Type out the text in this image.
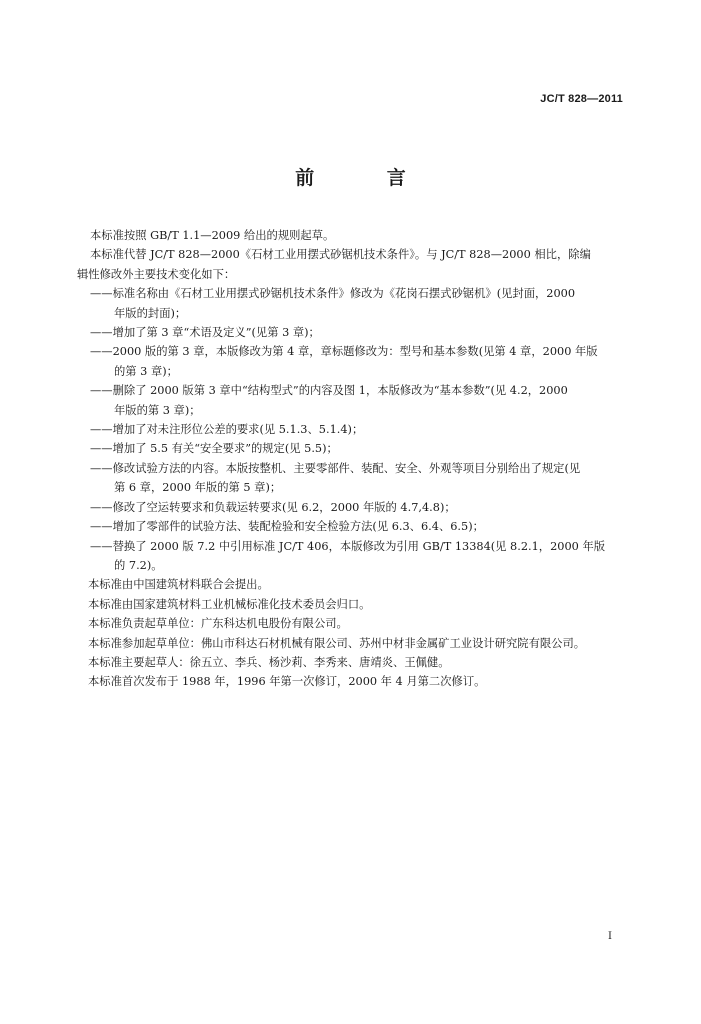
JC/T 828—2011
前 言

本标准按照 GB/T 1.1—2009 给出的规则起草。

本标准代替 JC/T 828—2000《石材工业用摆式砂锯机技术条件》。与 JC/T 828—2000 相比，除编

辑性修改外主要技术变化如下：

——标准名称由《石材工业用摆式砂锯机技术条件》修改为《花岗石摆式砂锯机》(见封面，2000
年版的封面)；
——增加了第 3 章“术语及定义”(见第 3 章)；
——2000 版的第 3 章，本版修改为第 4 章，章标题修改为：型号和基本参数(见第 4 章，2000 年版
的第 3 章)；
——删除了 2000 版第 3 章中“结构型式”的内容及图 1，本版修改为“基本参数”(见 4.2，2000
年版的第 3 章)；
——增加了对未注形位公差的要求(见 5.1.3、5.1.4)；
——增加了 5.5 有关“安全要求”的规定(见 5.5)；
——修改试验方法的内容。本版按整机、主要零部件、装配、安全、外观等项目分别给出了规定(见
第 6 章，2000 年版的第 5 章)；
——修改了空运转要求和负载运转要求(见 6.2，2000 年版的 4.7,4.8)；
——增加了零部件的试验方法、装配检验和安全检验方法(见 6.3、6.4、6.5)；
——替换了 2000 版 7.2 中引用标准 JC/T 406，本版修改为引用 GB/T 13384(见 8.2.1，2000 年版
的 7.2)。

本标准由中国建筑材料联合会提出。

本标准由国家建筑材料工业机械标准化技术委员会归口。

本标准负责起草单位：广东科达机电股份有限公司。

本标准参加起草单位：佛山市科达石材机械有限公司、苏州中材非金属矿工业设计研究院有限公司。

本标准主要起草人：徐五立、李兵、杨沙莉、李秀来、唐靖炎、王佩健。

本标准首次发布于 1988 年，1996 年第一次修订，2000 年 4 月第二次修订。

I
